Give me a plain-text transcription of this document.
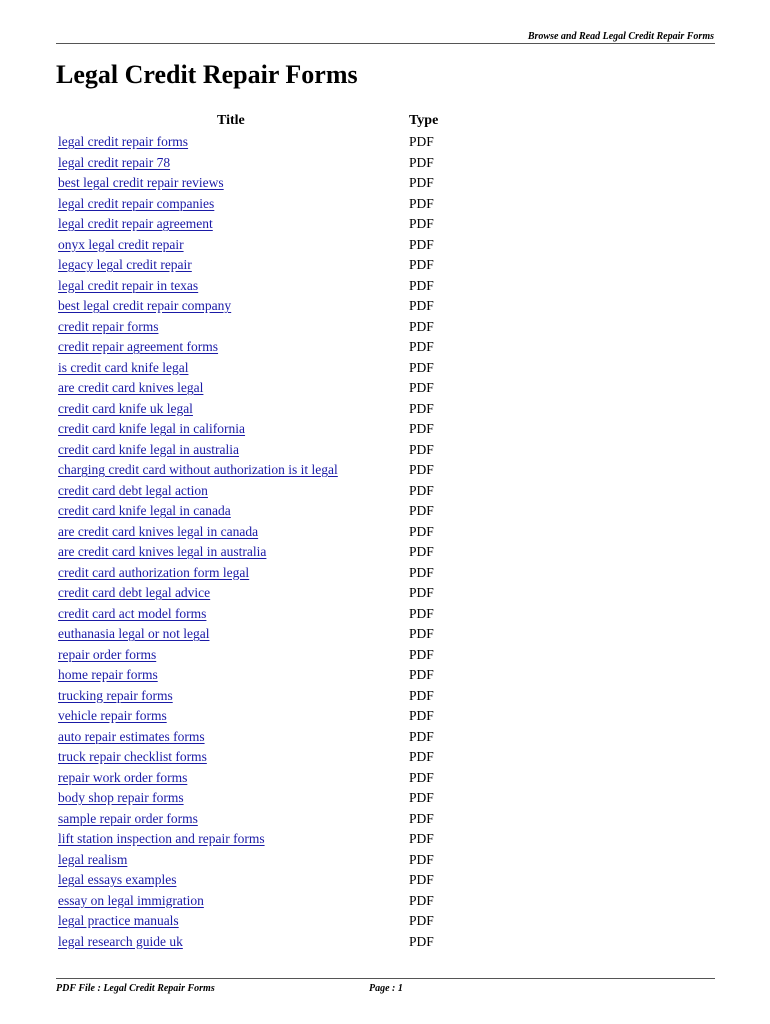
Browse and Read Legal Credit Repair Forms
Legal Credit Repair Forms
Title	Type
legal credit repair forms	PDF
legal credit repair 78	PDF
best legal credit repair reviews	PDF
legal credit repair companies	PDF
legal credit repair agreement	PDF
onyx legal credit repair	PDF
legacy legal credit repair	PDF
legal credit repair in texas	PDF
best legal credit repair company	PDF
credit repair forms	PDF
credit repair agreement forms	PDF
is credit card knife legal	PDF
are credit card knives legal	PDF
credit card knife uk legal	PDF
credit card knife legal in california	PDF
credit card knife legal in australia	PDF
charging credit card without authorization is it legal	PDF
credit card debt legal action	PDF
credit card knife legal in canada	PDF
are credit card knives legal in canada	PDF
are credit card knives legal in australia	PDF
credit card authorization form legal	PDF
credit card debt legal advice	PDF
credit card act model forms	PDF
euthanasia legal or not legal	PDF
repair order forms	PDF
home repair forms	PDF
trucking repair forms	PDF
vehicle repair forms	PDF
auto repair estimates forms	PDF
truck repair checklist forms	PDF
repair work order forms	PDF
body shop repair forms	PDF
sample repair order forms	PDF
lift station inspection and repair forms	PDF
legal realism	PDF
legal essays examples	PDF
essay on legal immigration	PDF
legal practice manuals	PDF
legal research guide uk	PDF
PDF File : Legal Credit Repair Forms	Page : 1
